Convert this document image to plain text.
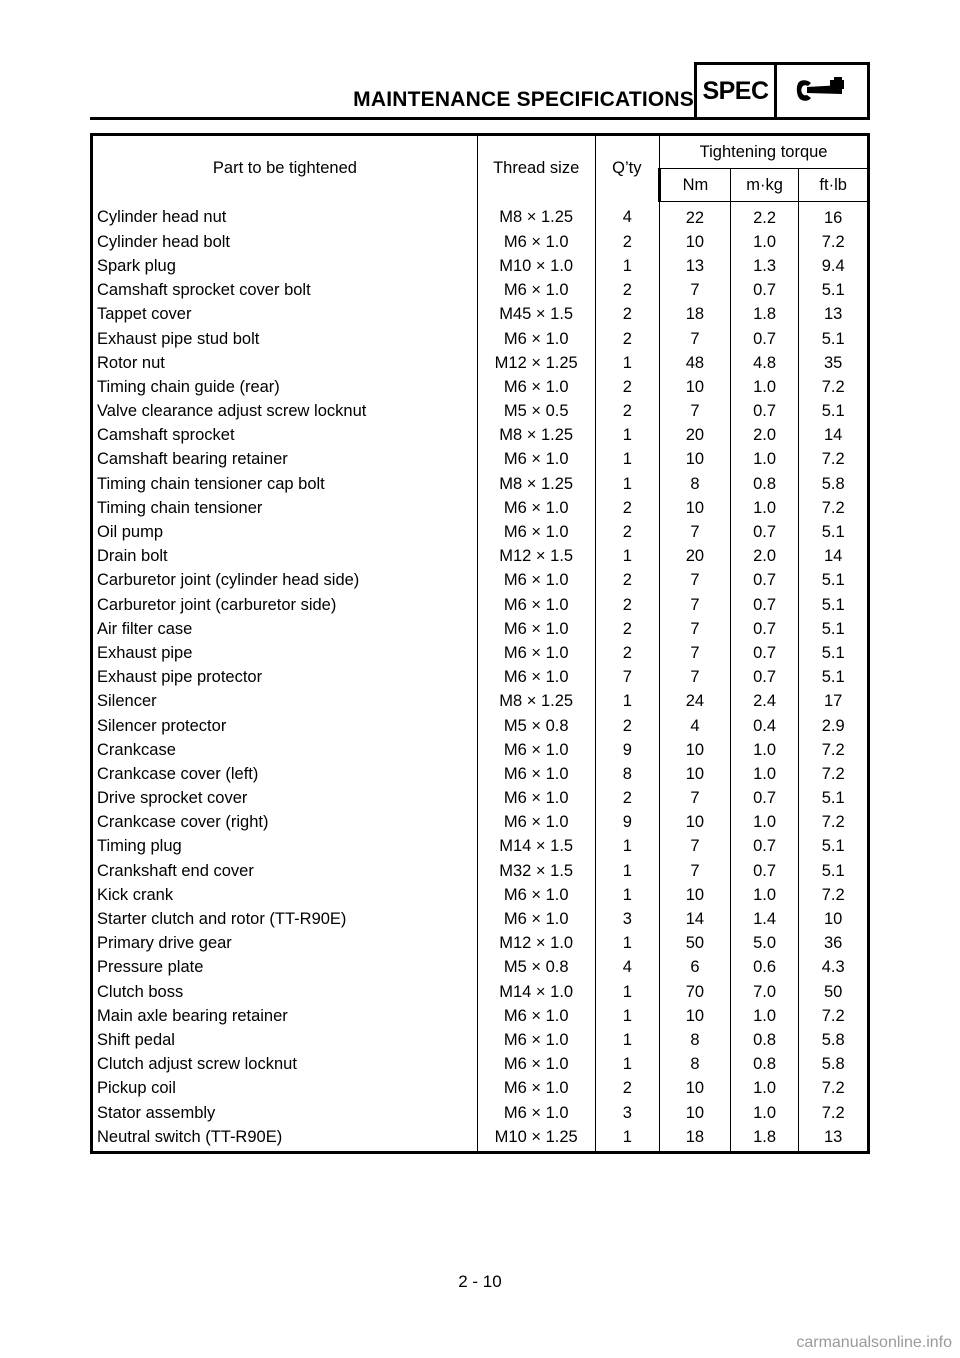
MAINTENANCE SPECIFICATIONS SPEC
Part to be tightened	Thread size	Q’ty	Tightening torque		
			Nm	m·kg	ft·lb
Cylinder head nut	M8 × 1.25	4	22	2.2	16
Cylinder head bolt	M6 × 1.0	2	10	1.0	7.2
Spark plug	M10 × 1.0	1	13	1.3	9.4
Camshaft sprocket cover bolt	M6 × 1.0	2	7	0.7	5.1
Tappet cover	M45 × 1.5	2	18	1.8	13
Exhaust pipe stud bolt	M6 × 1.0	2	7	0.7	5.1
Rotor nut	M12 × 1.25	1	48	4.8	35
Timing chain guide (rear)	M6 × 1.0	2	10	1.0	7.2
Valve clearance adjust screw locknut	M5 × 0.5	2	7	0.7	5.1
Camshaft sprocket	M8 × 1.25	1	20	2.0	14
Camshaft bearing retainer	M6 × 1.0	1	10	1.0	7.2
Timing chain tensioner cap bolt	M8 × 1.25	1	8	0.8	5.8
Timing chain tensioner	M6 × 1.0	2	10	1.0	7.2
Oil pump	M6 × 1.0	2	7	0.7	5.1
Drain bolt	M12 × 1.5	1	20	2.0	14
Carburetor joint (cylinder head side)	M6 × 1.0	2	7	0.7	5.1
Carburetor joint (carburetor side)	M6 × 1.0	2	7	0.7	5.1
Air filter case	M6 × 1.0	2	7	0.7	5.1
Exhaust pipe	M6 × 1.0	2	7	0.7	5.1
Exhaust pipe protector	M6 × 1.0	7	7	0.7	5.1
Silencer	M8 × 1.25	1	24	2.4	17
Silencer protector	M5 × 0.8	2	4	0.4	2.9
Crankcase	M6 × 1.0	9	10	1.0	7.2
Crankcase cover (left)	M6 × 1.0	8	10	1.0	7.2
Drive sprocket cover	M6 × 1.0	2	7	0.7	5.1
Crankcase cover (right)	M6 × 1.0	9	10	1.0	7.2
Timing plug	M14 × 1.5	1	7	0.7	5.1
Crankshaft end cover	M32 × 1.5	1	7	0.7	5.1
Kick crank	M6 × 1.0	1	10	1.0	7.2
Starter clutch and rotor (TT-R90E)	M6 × 1.0	3	14	1.4	10
Primary drive gear	M12 × 1.0	1	50	5.0	36
Pressure plate	M5 × 0.8	4	6	0.6	4.3
Clutch boss	M14 × 1.0	1	70	7.0	50
Main axle bearing retainer	M6 × 1.0	1	10	1.0	7.2
Shift pedal	M6 × 1.0	1	8	0.8	5.8
Clutch adjust screw locknut	M6 × 1.0	1	8	0.8	5.8
Pickup coil	M6 × 1.0	2	10	1.0	7.2
Stator assembly	M6 × 1.0	3	10	1.0	7.2
Neutral switch (TT-R90E)	M10 × 1.25	1	18	1.8	13
2 - 10
carmanualsonline.info
